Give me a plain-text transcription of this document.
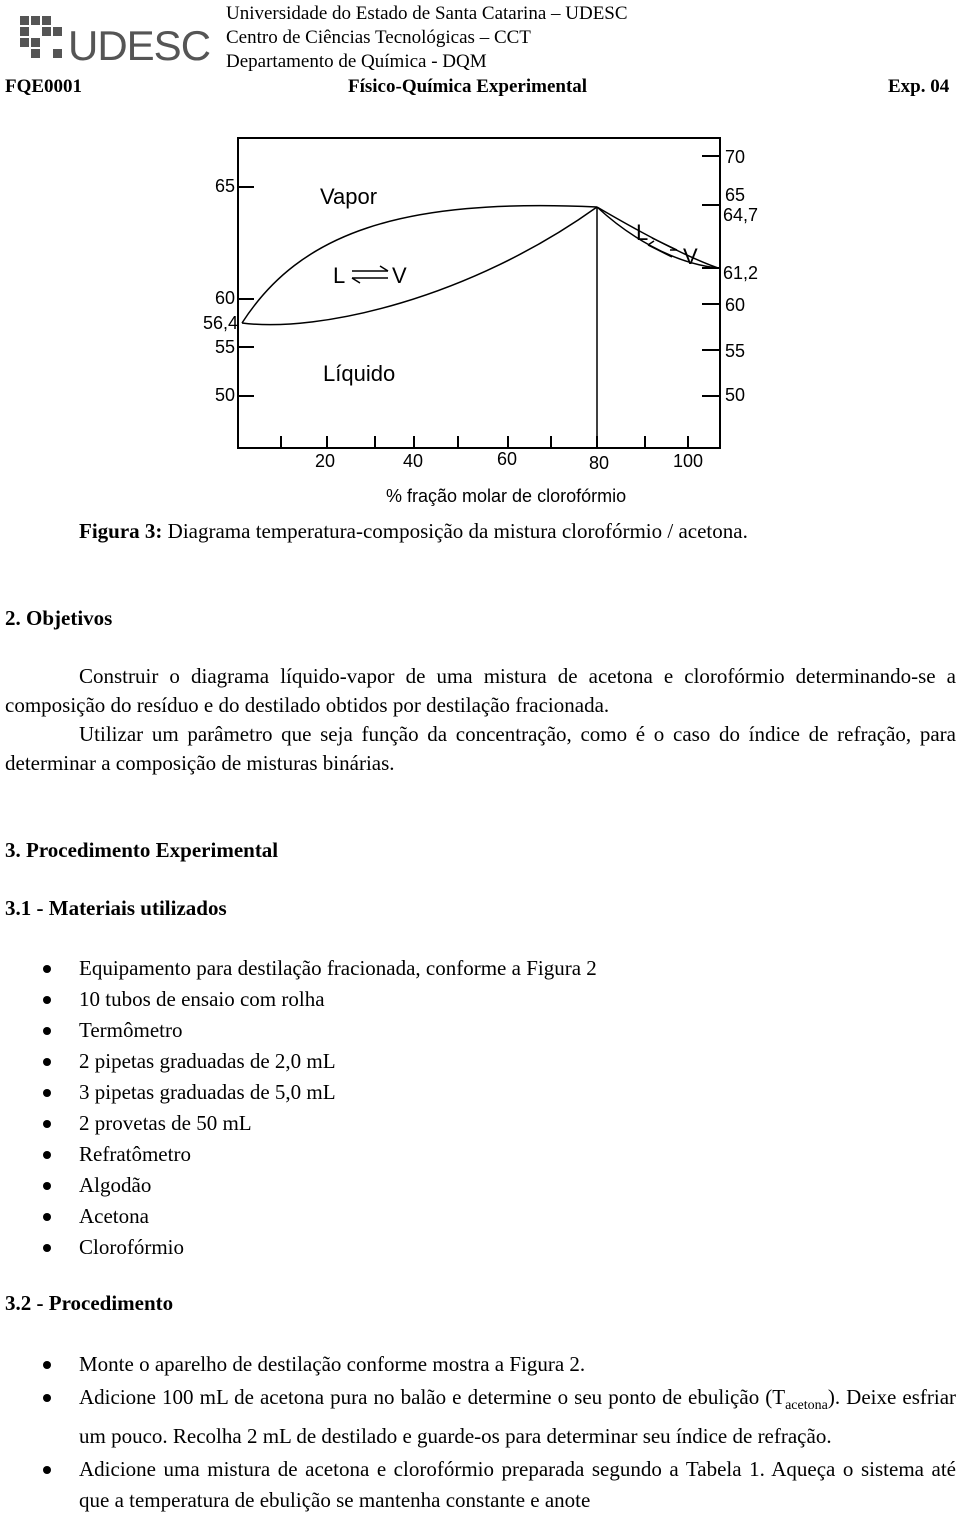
UDESC
Universidade do Estado de Santa Catarina – UDESC
Centro de Ciências Tecnológicas – CCT
Departamento de Química - DQM
FQE0001	Físico-Química Experimental	Exp. 04
Vapor
Líquido
L V
L
V
65
60
56,4
55
50
70
65
64,7
61,2
60
55
50
20	40	60	80	100
% fração molar de clorofórmio
Figura 3: Diagrama temperatura-composição da mistura clorofórmio / acetona.
2. Objetivos
Construir o diagrama líquido-vapor de uma mistura de acetona e clorofórmio determinando-se a composição do resíduo e do destilado obtidos por destilação fracionada.
Utilizar um parâmetro que seja função da concentração, como é o caso do índice de refração, para determinar a composição de misturas binárias.
3. Procedimento Experimental
3.1 - Materiais utilizados
Equipamento para destilação fracionada, conforme a Figura 2
10 tubos de ensaio com rolha
Termômetro
2 pipetas graduadas de 2,0 mL
3 pipetas graduadas de 5,0 mL
2 provetas de 50 mL
Refratômetro
Algodão
Acetona
Clorofórmio
3.2 - Procedimento
Monte o aparelho de destilação conforme mostra a Figura 2.
Adicione 100 mL de acetona pura no balão e determine o seu ponto de ebulição $(T_{acetona})$. Deixe esfriar um pouco. Recolha 2 mL de destilado e guarde-os para determinar seu índice de refração.
Adicione uma mistura de acetona e clorofórmio preparada segundo a Tabela 1. Aqueça o sistema até que a temperatura de ebulição se mantenha constante e anote
